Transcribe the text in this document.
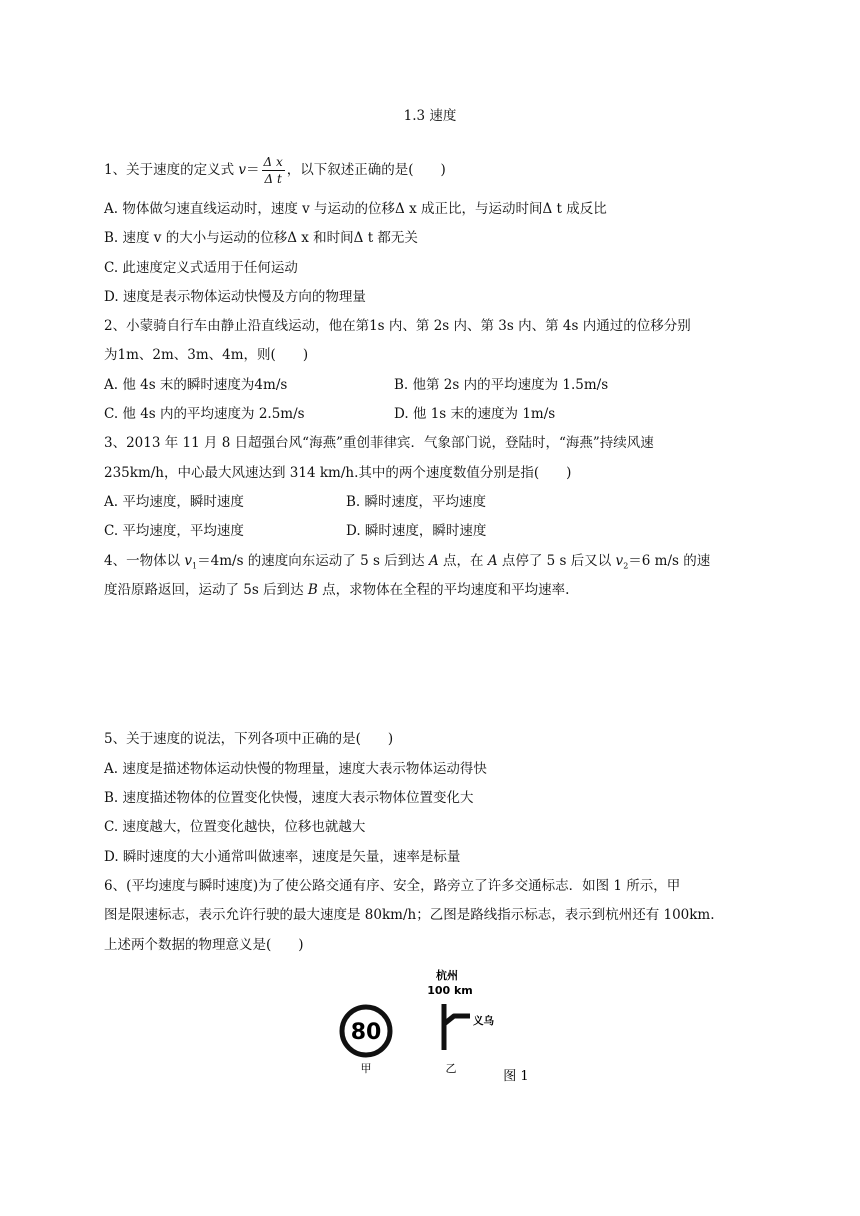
1.3 速度
1、关于速度的定义式 $v= \frac{\text{Δ x}}{\text{Δ t}}$ ，以下叙述正确的是(　　)
A. 物体做匀速直线运动时，速度 v 与运动的位移Δ x 成正比，与运动时间Δ t 成反比
B. 速度 v 的大小与运动的位移Δ x 和时间Δ t 都无关
C. 此速度定义式适用于任何运动
D. 速度是表示物体运动快慢及方向的物理量
2、小蒙骑自行车由静止沿直线运动，他在第1s 内、第 2s 内、第 3s 内、第 4s 内通过的位移分别
为1m、2m、3m、4m，则(　　)
A. 他 4s 末的瞬时速度为4m/s	B. 他第 2s 内的平均速度为 1.5m/s
C. 他 4s 内的平均速度为 2.5m/s	D. 他 1s 末的速度为 1m/s
3、2013 年 11 月 8 日超强台风“海燕”重创菲律宾．气象部门说，登陆时，“海燕”持续风速
235km/h，中心最大风速达到 314 km/h.其中的两个速度数值分别是指(　　)
A. 平均速度，瞬时速度	B. 瞬时速度，平均速度
C. 平均速度，平均速度	D. 瞬时速度，瞬时速度
4、一物体以 $v_1=4m/s$ 的速度向东运动了 5 s 后到达 A 点，在 A 点停了 5 s 后又以 $v_2=6$ m/s 的速
度沿原路返回，运动了 5s 后到达 B 点，求物体在全程的平均速度和平均速率.
5、关于速度的说法，下列各项中正确的是(　　)
A. 速度是描述物体运动快慢的物理量，速度大表示物体运动得快
B. 速度描述物体的位置变化快慢，速度大表示物体位置变化大
C. 速度越大，位置变化越快，位移也就越大
D. 瞬时速度的大小通常叫做速率，速度是矢量，速率是标量
6、(平均速度与瞬时速度)为了使公路交通有序、安全，路旁立了许多交通标志．如图 1 所示，甲
图是限速标志，表示允许行驶的最大速度是 80km/h；乙图是路线指示标志，表示到杭州还有 100km.
上述两个数据的物理意义是(　　)
80
甲
杭州
100 km
义乌
乙
图 1
